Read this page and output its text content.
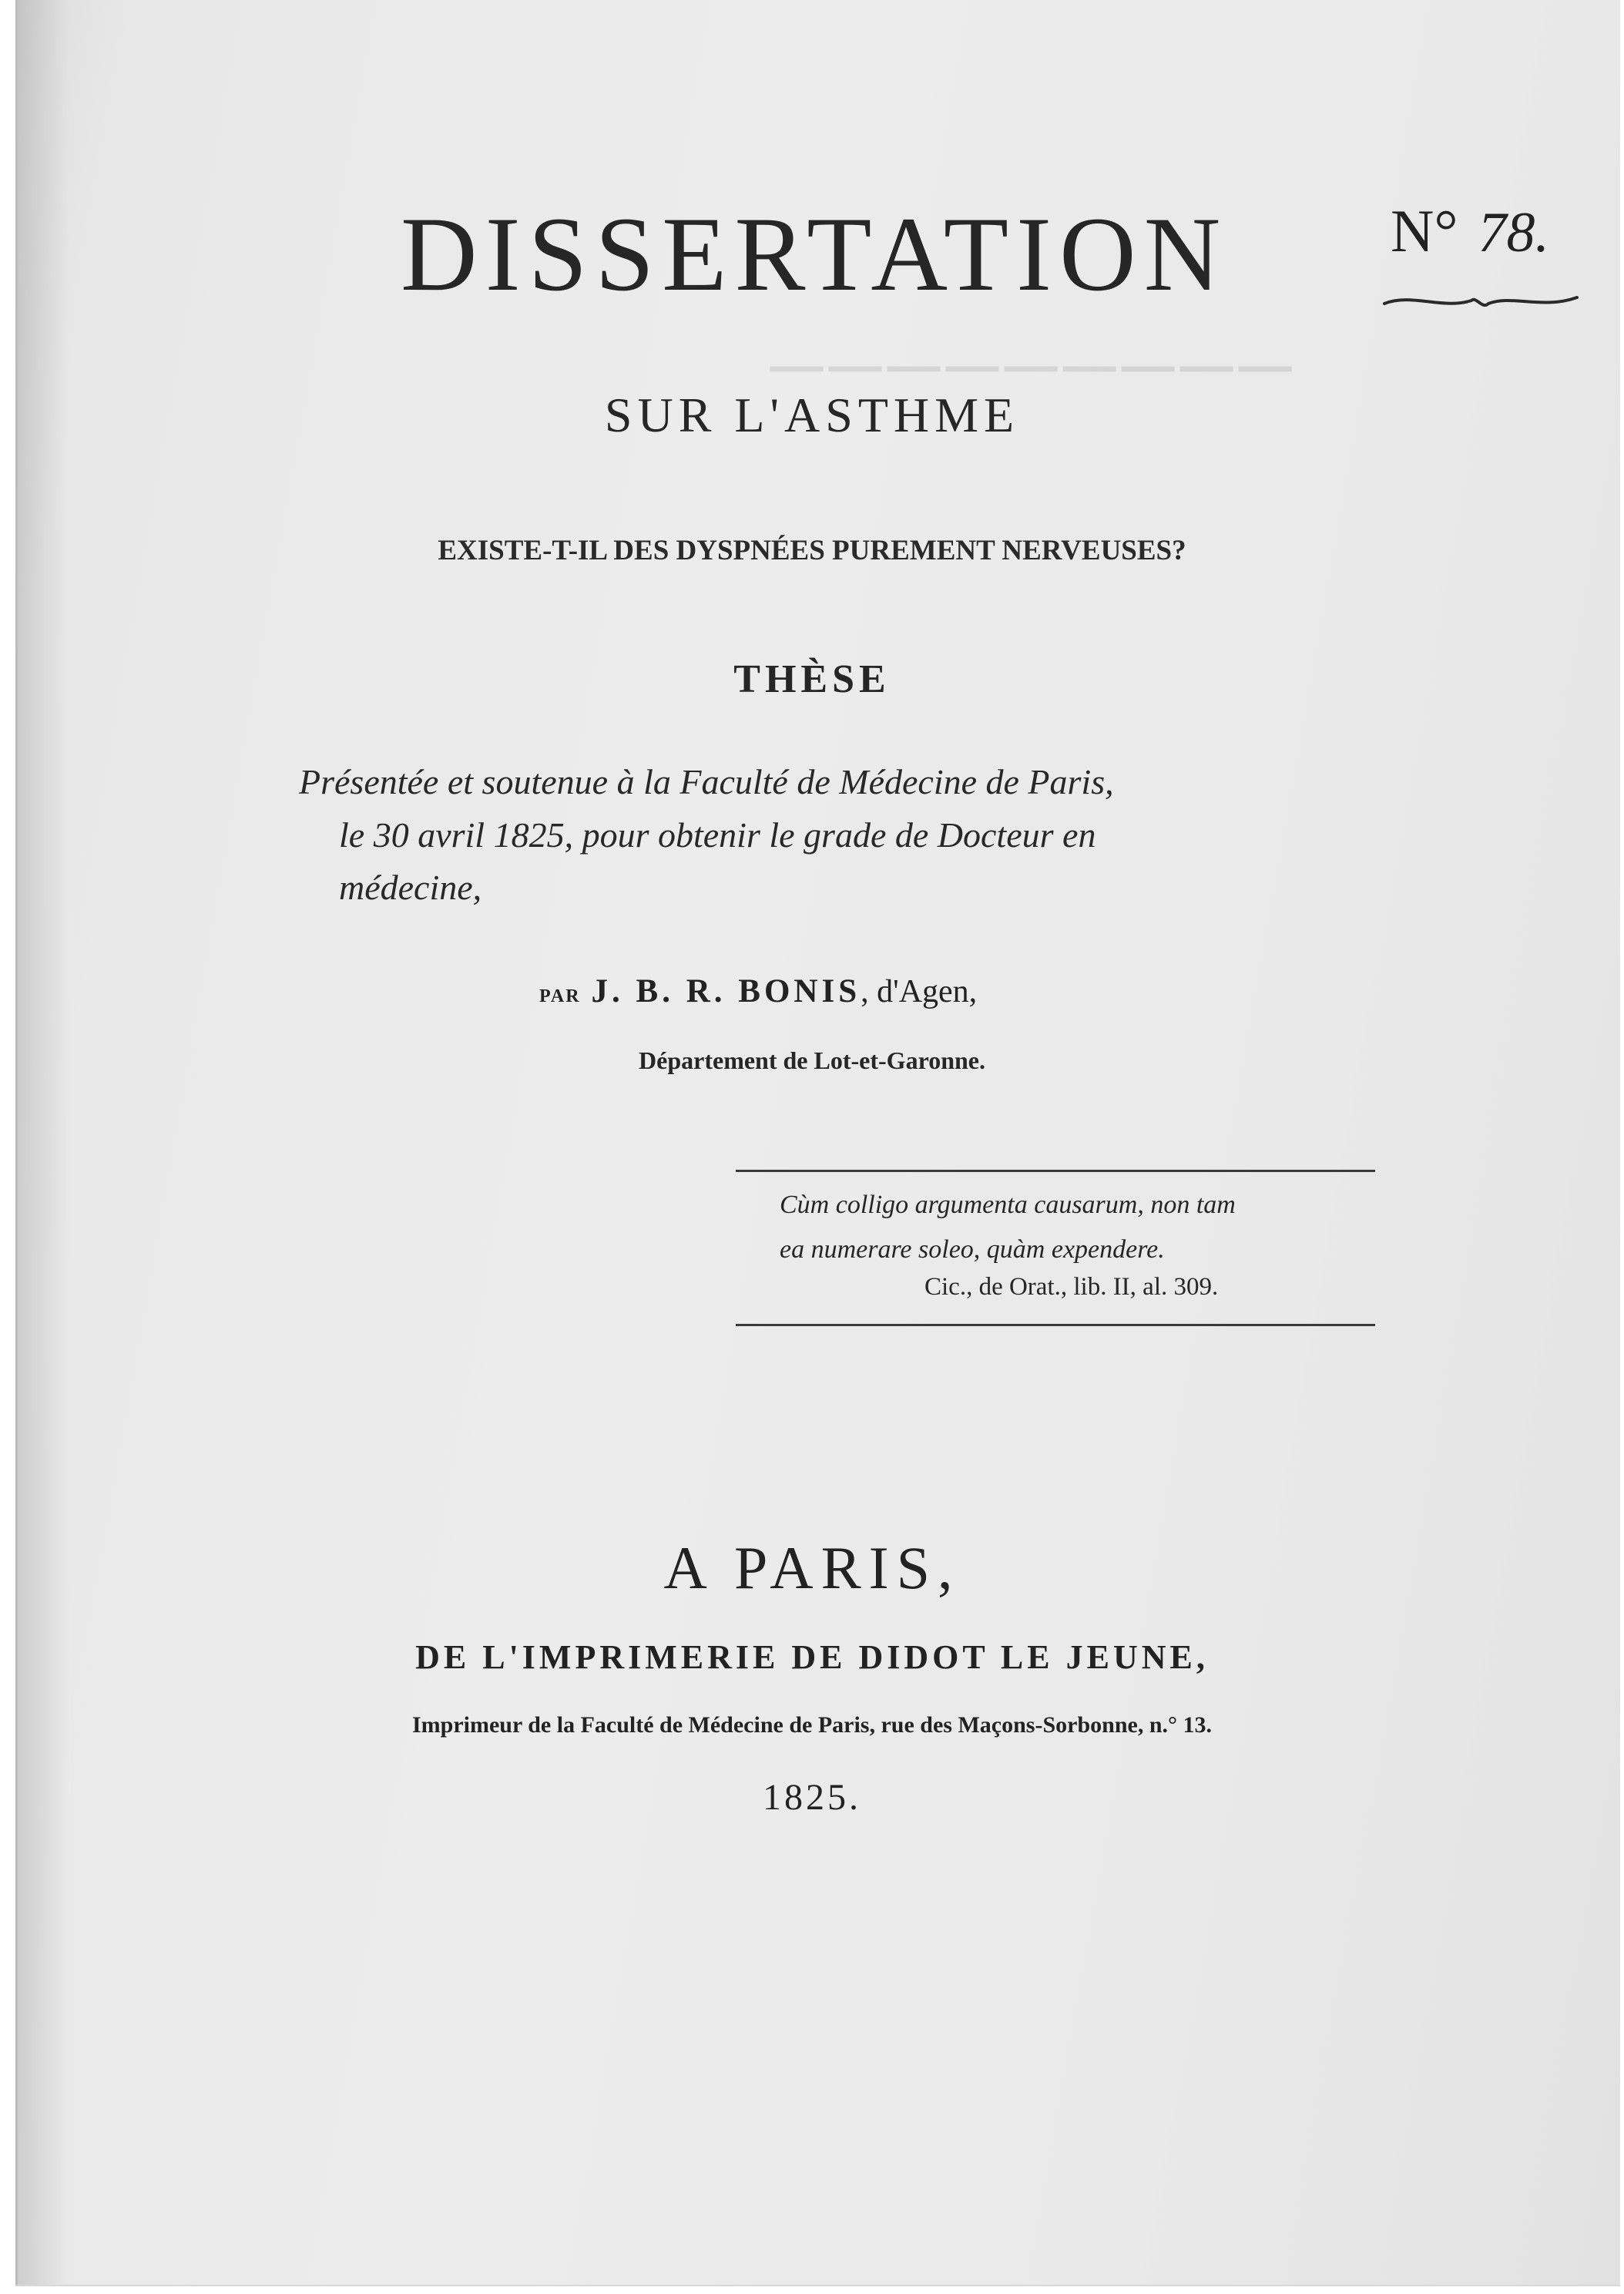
─────────
DISSERTATION	N° 78.
SUR L'ASTHME
EXISTE-T-IL DES DYSPNÉES PUREMENT NERVEUSES?
THÈSE
Présentée et soutenue à la Faculté de Médecine de Paris,
le 30 avril 1825, pour obtenir le grade de Docteur en
médecine,
PAR J. B. R. BONIS, d'Agen,
Département de Lot-et-Garonne.
Cùm colligo argumenta causarum, non tam
ea numerare soleo, quàm expendere.
Cic., de Orat., lib. II, al. 309.
A PARIS,
DE L'IMPRIMERIE DE DIDOT LE JEUNE,
Imprimeur de la Faculté de Médecine de Paris, rue des Maçons-Sorbonne, n.° 13.
1825.
